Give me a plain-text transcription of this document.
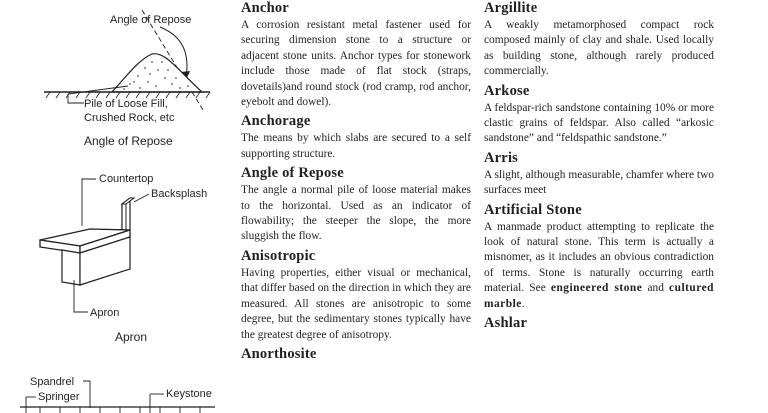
Angle of Repose
Pile of Loose Fill,
Crushed Rock, etc
Angle of Repose
Countertop
Backsplash
Apron
Apron
Spandrel
Springer	Keystone
Anchor

A corrosion resistant metal fastener used for securing dimension stone to a structure or adjacent stone units. Anchor types for stonework include those made of flat stock (straps, dovetails)and round stock (rod cramp, rod anchor, eyebolt and dowel).

Anchorage

The means by which slabs are secured to a self supporting structure.

Angle of Repose

The angle a normal pile of loose material makes to the horizontal. Used as an indicator of flowability; the steeper the slope, the more sluggish the flow.

Anisotropic

Having properties, either visual or mechanical, that differ based on the direction in which they are measured. All stones are anisotropic to some degree, but the sedimentary stones typically have the greatest degree of anisotropy.

Anorthosite
Argillite

A weakly metamorphosed compact rock composed mainly of clay and shale. Used locally as building stone, although rarely produced commercially.

Arkose

A feldspar-rich sandstone containing 10% or more clastic grains of feldspar. Also called “arkosic sandstone” and “feldspathic sandstone.”

Arris

A slight, although measurable, chamfer where two surfaces meet

Artificial Stone

A manmade product attempting to replicate the look of natural stone. This term is actually a misnomer, as it includes an obvious contradiction of terms. Stone is naturally occurring earth material. See engineered stone and cultured marble.

Ashlar
